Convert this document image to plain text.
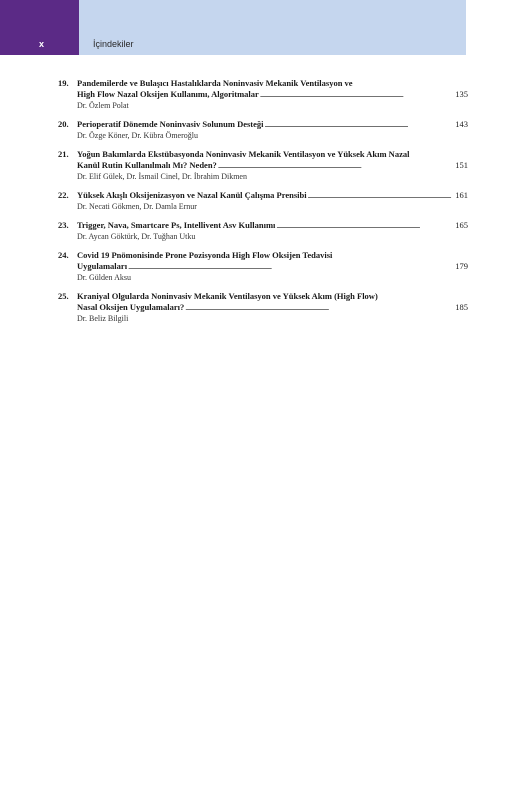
x	İçindekiler
19. Pandemilerde ve Bulaşıcı Hastalıklarda Noninvasiv Mekanik Ventilasyon ve
High Flow Nazal Oksijen Kullanımı, Algoritmalar . . .	135
Dr. Özlem Polat
20. Perioperatif Dönemde Noninvasiv Solunum Desteği . . .	143
Dr. Özge Köner, Dr. Kübra Ömeroğlu
21. Yoğun Bakımlarda Ekstübasyonda Noninvasiv Mekanik Ventilasyon ve Yüksek Akım Nazal
Kanül Rutin Kullanılmalı Mı? Neden? . . .	151
Dr. Elif Gülek, Dr. İsmail Cinel, Dr. İbrahim Dikmen
22. Yüksek Akışlı Oksijenizasyon ve Nazal Kanül Çalışma Prensibi . . .	161
Dr. Necati Gökmen, Dr. Damla Ernur
23. Trigger, Nava, Smartcare Ps, Intellivent Asv Kullanımı . . .	165
Dr. Aycan Göktürk, Dr. Tuğhan Utku
24. Covid 19 Pnömonisinde Prone Pozisyonda High Flow Oksijen Tedavisi
Uygulamaları . . .	179
Dr. Gülden Aksu
25. Kraniyal Olgularda Noninvasiv Mekanik Ventilasyon ve Yüksek Akım (High Flow)
Nasal Oksijen Uygulamaları? . . .	185
Dr. Beliz Bilgili
